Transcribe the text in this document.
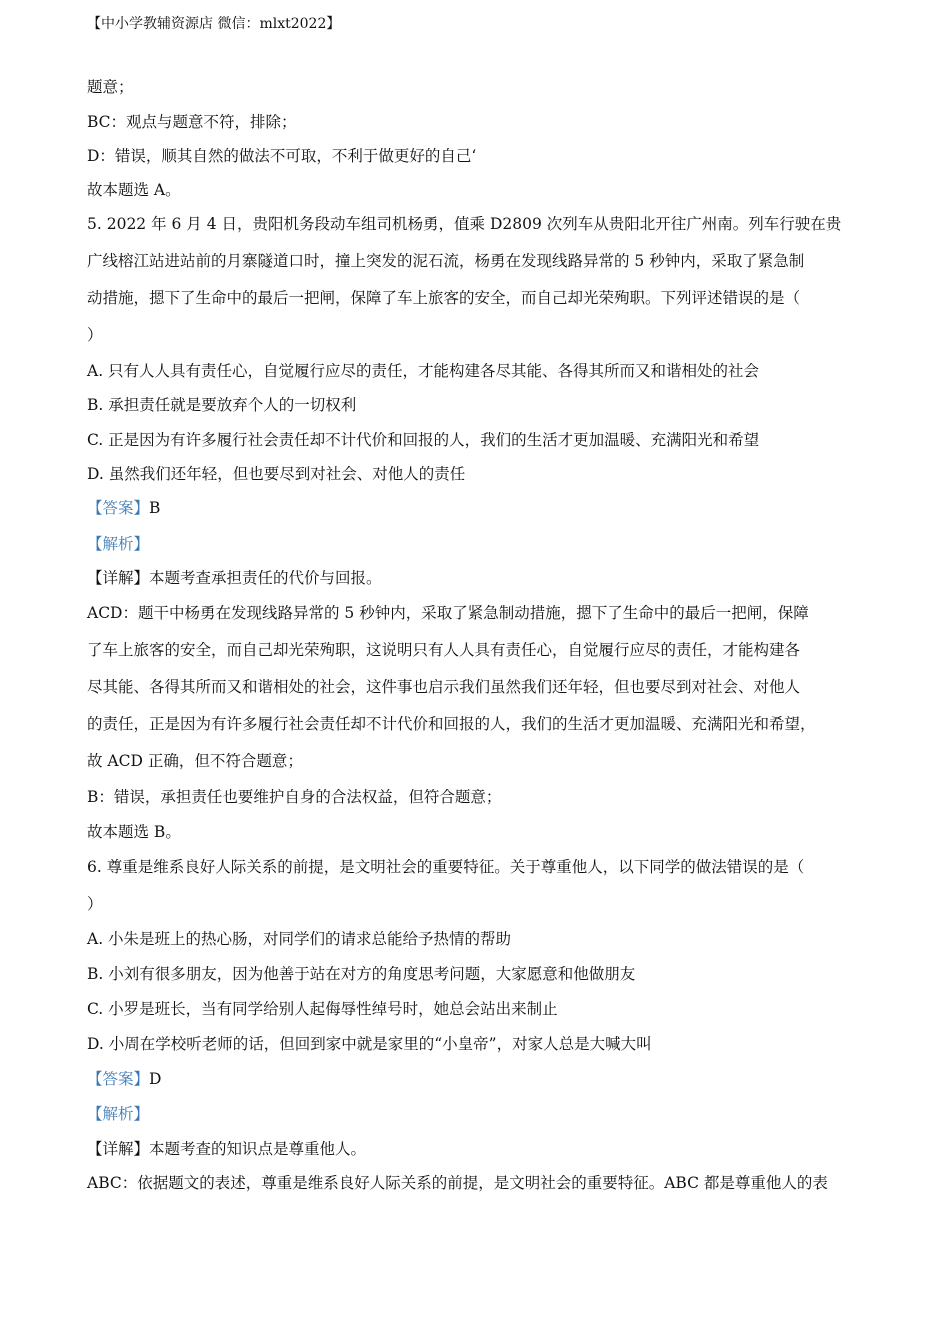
【中小学教辅资源店 微信：mlxt2022】
题意；
BC：观点与题意不符，排除；
D：错误，顺其自然的做法不可取，不利于做更好的自己‘
故本题选 A。
5. 2022 年 6 月 4 日，贵阳机务段动车组司机杨勇，值乘 D2809 次列车从贵阳北开往广州南。列车行驶在贵
广线榕江站进站前的月寨隧道口时，撞上突发的泥石流，杨勇在发现线路异常的 5 秒钟内，采取了紧急制
动措施，摁下了生命中的最后一把闸，保障了车上旅客的安全，而自己却光荣殉职。下列评述错误的是（
）
A. 只有人人具有责任心，自觉履行应尽的责任，才能构建各尽其能、各得其所而又和谐相处的社会
B. 承担责任就是要放弃个人的一切权利
C. 正是因为有许多履行社会责任却不计代价和回报的人，我们的生活才更加温暖、充满阳光和希望
D. 虽然我们还年轻，但也要尽到对社会、对他人的责任
【答案】B
【解析】
【详解】本题考查承担责任的代价与回报。
ACD：题干中杨勇在发现线路异常的 5 秒钟内，采取了紧急制动措施，摁下了生命中的最后一把闸，保障
了车上旅客的安全，而自己却光荣殉职，这说明只有人人具有责任心，自觉履行应尽的责任，才能构建各
尽其能、各得其所而又和谐相处的社会，这件事也启示我们虽然我们还年轻，但也要尽到对社会、对他人
的责任，正是因为有许多履行社会责任却不计代价和回报的人，我们的生活才更加温暖、充满阳光和希望，
故 ACD 正确，但不符合题意；
B：错误，承担责任也要维护自身的合法权益，但符合题意；
故本题选 B。
6. 尊重是维系良好人际关系的前提，是文明社会的重要特征。关于尊重他人，以下同学的做法错误的是（
）
A. 小朱是班上的热心肠，对同学们的请求总能给予热情的帮助
B. 小刘有很多朋友，因为他善于站在对方的角度思考问题，大家愿意和他做朋友
C. 小罗是班长，当有同学给别人起侮辱性绰号时，她总会站出来制止
D. 小周在学校听老师的话，但回到家中就是家里的“小皇帝”，对家人总是大喊大叫
【答案】D
【解析】
【详解】本题考查的知识点是尊重他人。
ABC：依据题文的表述，尊重是维系良好人际关系的前提，是文明社会的重要特征。ABC 都是尊重他人的表
